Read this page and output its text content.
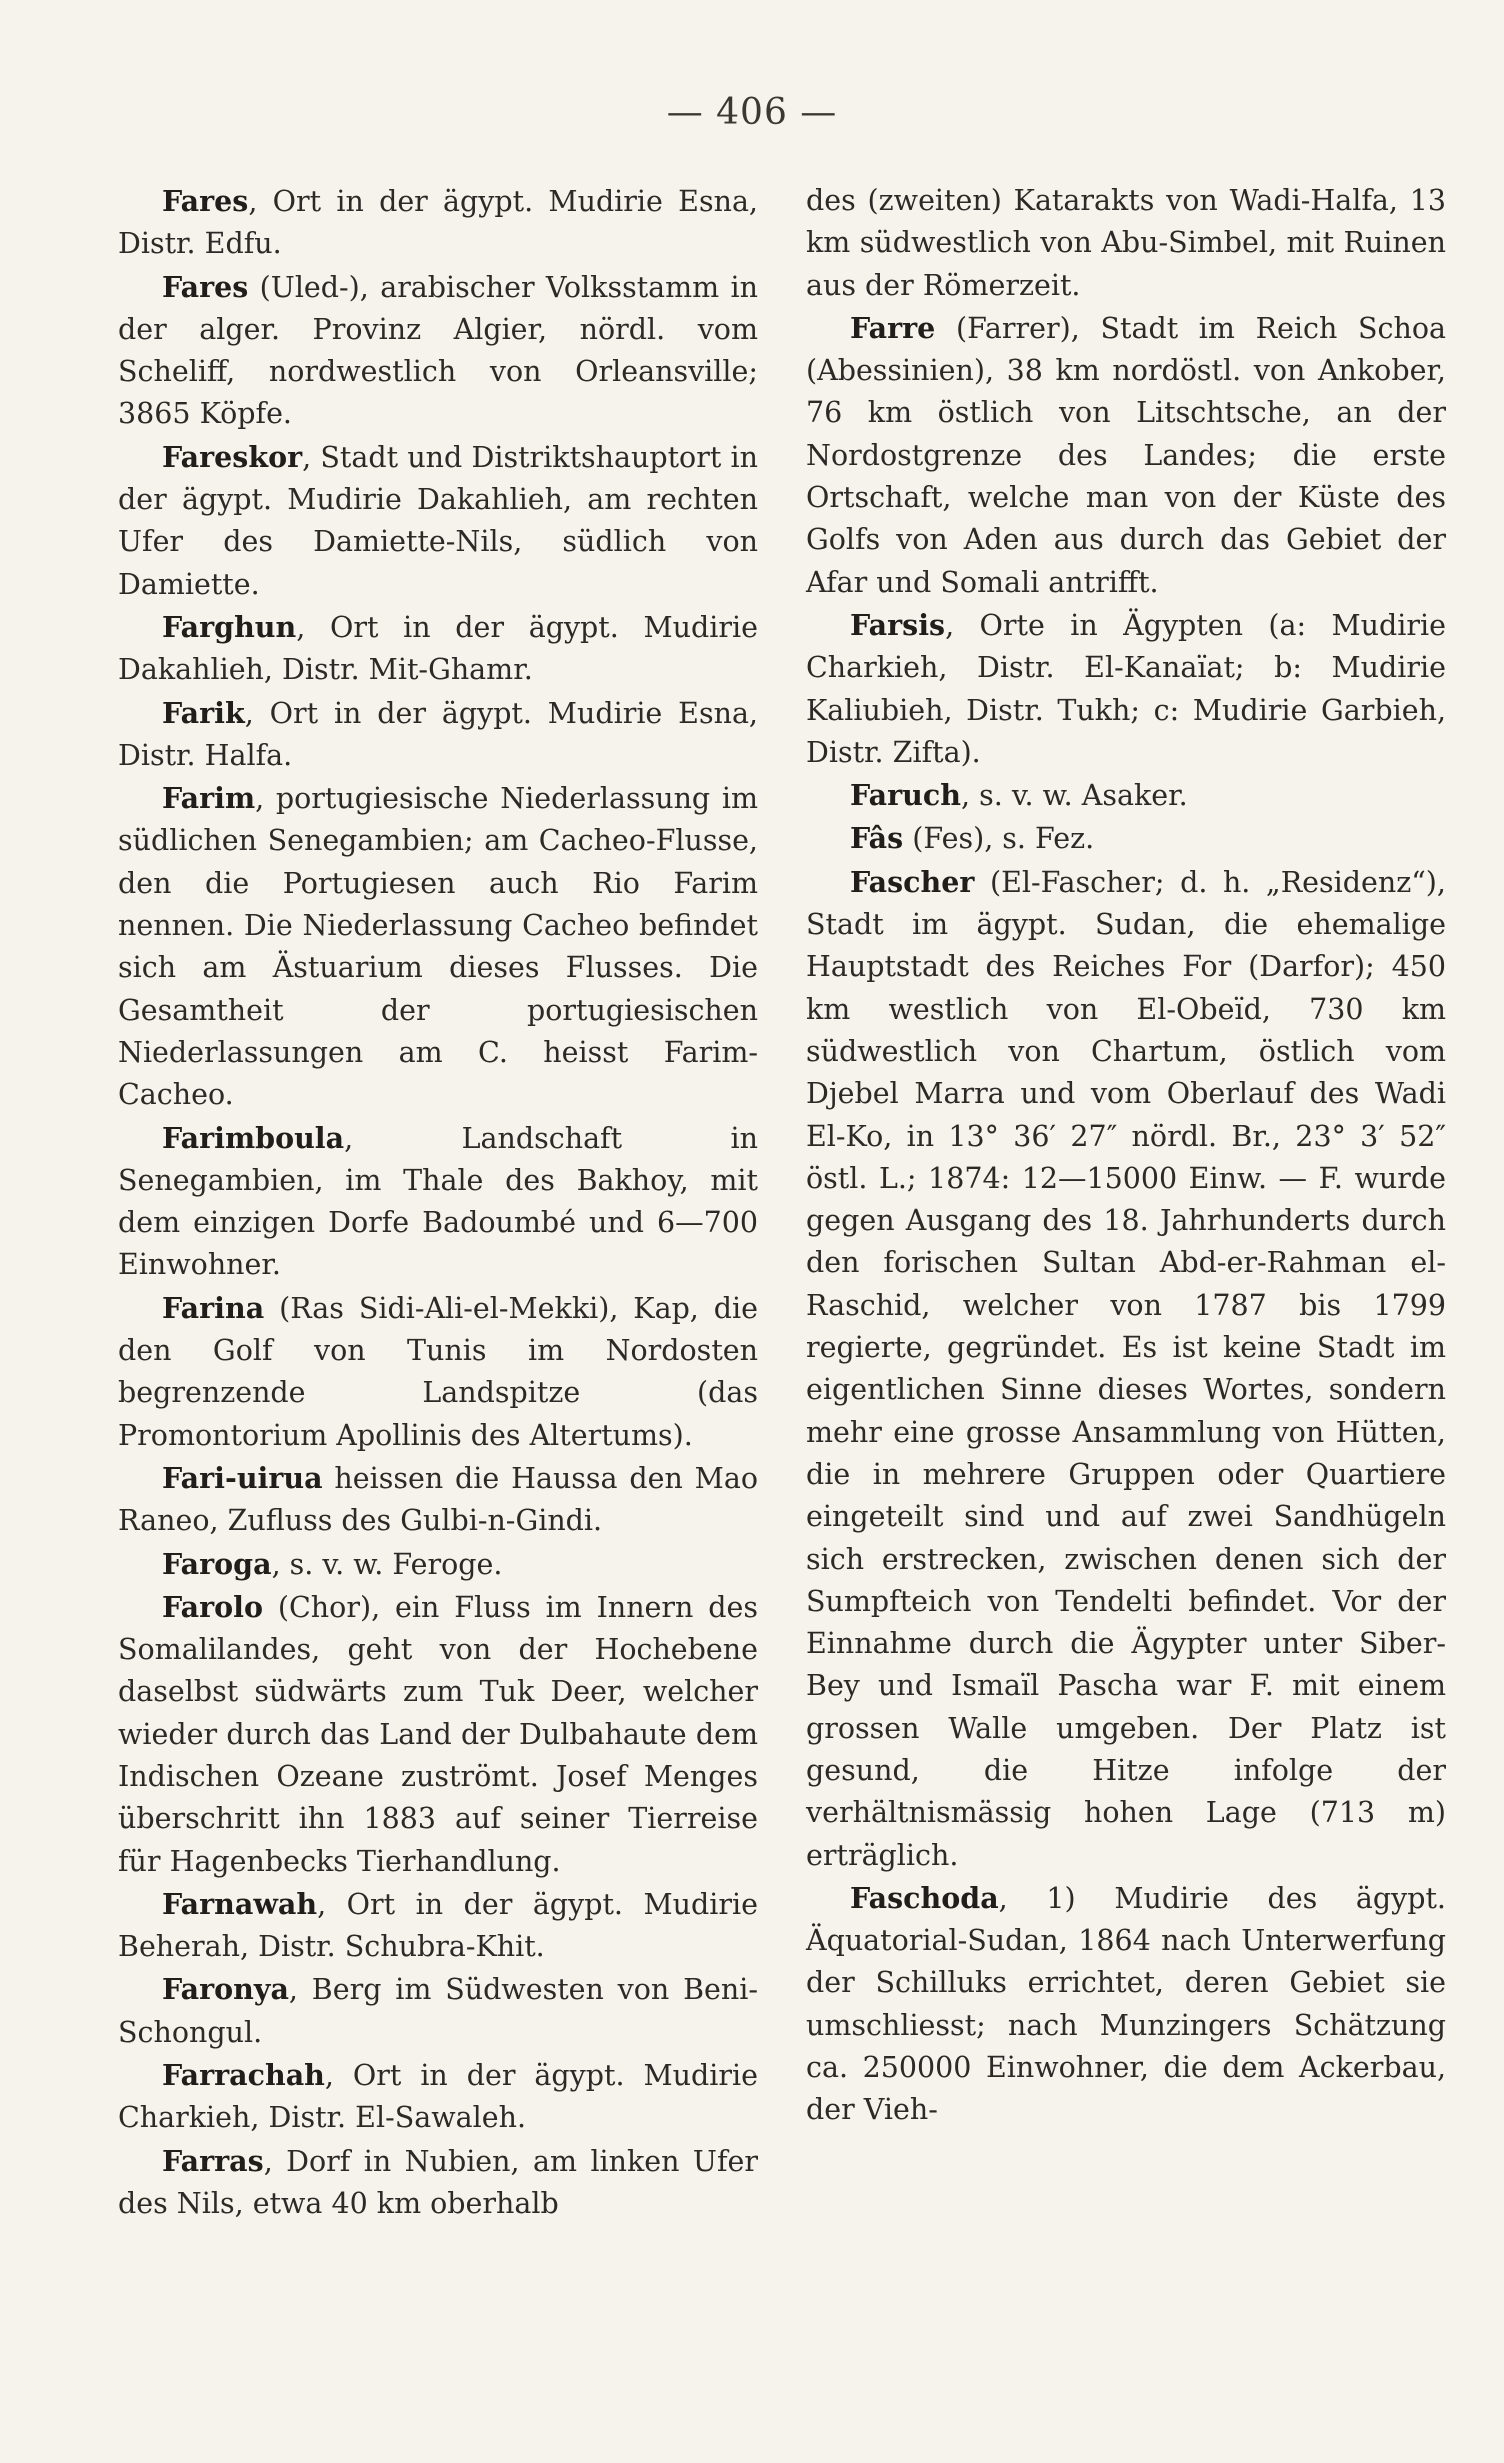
— 406 —

Fares, Ort in der ägypt. Mudirie Esna, Distr. Edfu.

Fares (Uled-), arabischer Volksstamm in der alger. Provinz Algier, nördl. vom Scheliff, nordwestlich von Orleansville; 3865 Köpfe.

Fareskor, Stadt und Distriktshauptort in der ägypt. Mudirie Dakahlieh, am rechten Ufer des Damiette-Nils, südlich von Damiette.

Farghun, Ort in der ägypt. Mudirie Dakahlieh, Distr. Mit-Ghamr.

Farik, Ort in der ägypt. Mudirie Esna, Distr. Halfa.

Farim, portugiesische Niederlassung im südlichen Senegambien; am Cacheo-Flusse, den die Portugiesen auch Rio Farim nennen. Die Niederlassung Cacheo befindet sich am Ästuarium dieses Flusses. Die Gesamtheit der portugiesischen Niederlassungen am C. heisst Farim-Cacheo.

Farimboula, Landschaft in Senegambien, im Thale des Bakhoy, mit dem einzigen Dorfe Badoumbé und 6—700 Einwohner.

Farina (Ras Sidi-Ali-el-Mekki), Kap, die den Golf von Tunis im Nordosten begrenzende Landspitze (das Promontorium Apollinis des Altertums).

Fari-uirua heissen die Haussa den Mao Raneo, Zufluss des Gulbi-n-Gindi.

Faroga, s. v. w. Feroge.

Farolo (Chor), ein Fluss im Innern des Somalilandes, geht von der Hochebene daselbst südwärts zum Tuk Deer, welcher wieder durch das Land der Dulbahaute dem Indischen Ozeane zuströmt. Josef Menges überschritt ihn 1883 auf seiner Tierreise für Hagenbecks Tierhandlung.

Farnawah, Ort in der ägypt. Mudirie Beherah, Distr. Schubra-Khit.

Faronya, Berg im Südwesten von Beni-Schongul.

Farrachah, Ort in der ägypt. Mudirie Charkieh, Distr. El-Sawaleh.

Farras, Dorf in Nubien, am linken Ufer des Nils, etwa 40 km oberhalb

des (zweiten) Katarakts von Wadi-Halfa, 13 km südwestlich von Abu-Simbel, mit Ruinen aus der Römerzeit.

Farre (Farrer), Stadt im Reich Schoa (Abessinien), 38 km nordöstl. von Ankober, 76 km östlich von Litschtsche, an der Nordostgrenze des Landes; die erste Ortschaft, welche man von der Küste des Golfs von Aden aus durch das Gebiet der Afar und Somali antrifft.

Farsis, Orte in Ägypten (a: Mudirie Charkieh, Distr. El-Kanaïat; b: Mudirie Kaliubieh, Distr. Tukh; c: Mudirie Garbieh, Distr. Zifta).

Faruch, s. v. w. Asaker.

Fâs (Fes), s. Fez.

Fascher (El-Fascher; d. h. „Residenz“), Stadt im ägypt. Sudan, die ehemalige Hauptstadt des Reiches For (Darfor); 450 km westlich von El-Obeïd, 730 km südwestlich von Chartum, östlich vom Djebel Marra und vom Oberlauf des Wadi El-Ko, in 13° 36′ 27″ nördl. Br., 23° 3′ 52″ östl. L.; 1874: 12—15000 Einw. — F. wurde gegen Ausgang des 18. Jahrhunderts durch den forischen Sultan Abd-er-Rahman el-Raschid, welcher von 1787 bis 1799 regierte, gegründet. Es ist keine Stadt im eigentlichen Sinne dieses Wortes, sondern mehr eine grosse Ansammlung von Hütten, die in mehrere Gruppen oder Quartiere eingeteilt sind und auf zwei Sandhügeln sich erstrecken, zwischen denen sich der Sumpfteich von Tendelti befindet. Vor der Einnahme durch die Ägypter unter Siber-Bey und Ismaïl Pascha war F. mit einem grossen Walle umgeben. Der Platz ist gesund, die Hitze infolge der verhältnismässig hohen Lage (713 m) erträglich.

Faschoda, 1) Mudirie des ägypt. Äquatorial-Sudan, 1864 nach Unterwerfung der Schilluks errichtet, deren Gebiet sie umschliesst; nach Munzingers Schätzung ca. 250000 Einwohner, die dem Ackerbau, der Vieh-
